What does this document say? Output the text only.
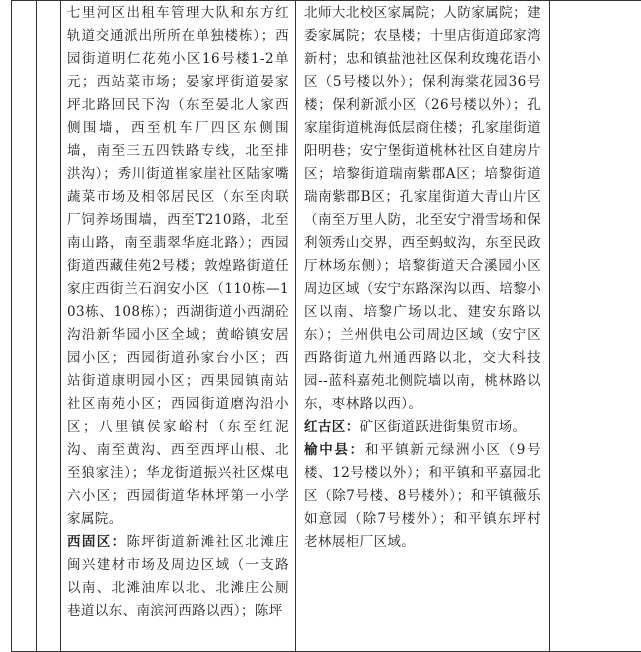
七里河区出租车管理大队和东方红轨道交通派出所所在单独楼栋）；西园街道明仁花苑小区16号楼1-2单元；西站菜市场；晏家坪街道晏家坪北路回民下沟（东至晏北人家西侧围墙，西至机车厂四区东侧围墙，南至三五四铁路专线，北至排洪沟）；秀川街道崔家崖社区陆家嘴蔬菜市场及相邻居民区（东至肉联厂饲养场围墙，西至T210路，北至南山路，南至翡翠华庭北路）；西园街道西藏佳苑2号楼；敦煌路街道任家庄西街兰石润安小区（110栋—103栋、108栋）；西湖街道小西湖砼沟沿新华园小区全域；黄峪镇安居园小区；西园街道孙家台小区；西站街道康明园小区；西果园镇南站社区南苑小区；西园街道磨沟沿小区；八里镇侯家峪村（东至红泥沟、南至黄沟、西至西坪山根、北至狼家洼）；华龙街道振兴社区煤电六小区；西园街道华林坪第一小学家属院。
西固区：陈坪街道新滩社区北滩庄闽兴建材市场及周边区域（一支路以南、北滩油库以北、北滩庄公厕巷道以东、南滨河西路以西）；陈坪

北师大北校区家属院；人防家属院；建委家属院；农垦楼；十里店街道邱家湾新村；忠和镇盐池社区保利玫瑰花语小区（5号楼以外）；保利海棠花园36号楼；保利新派小区（26号楼以外）；孔家崖街道桃海低层商住楼；孔家崖街道阳明巷；安宁堡街道桃林社区自建房片区；培黎街道瑞南紫郡A区；培黎街道瑞南紫郡B区；孔家崖街道大青山片区（南至万里人防，北至安宁滑雪场和保利领秀山交界，西至蚂蚁沟，东至民政厅林场东侧）；培黎街道天合溪园小区周边区域（安宁东路深沟以西、培黎小区以南、培黎广场以北、建安东路以东）；兰州供电公司周边区域（安宁区西路街道九州通西路以北，交大科技园--蓝科嘉苑北侧院墙以南，桃林路以东，枣林路以西）。
红古区：矿区街道跃进街集贸市场。
榆中县：和平镇新元绿洲小区（9号楼、12号楼以外）；和平镇和平嘉园北区（除7号楼、8号楼外）；和平镇薇乐如意园（除7号楼外）；和平镇东坪村老林展柜厂区域。
